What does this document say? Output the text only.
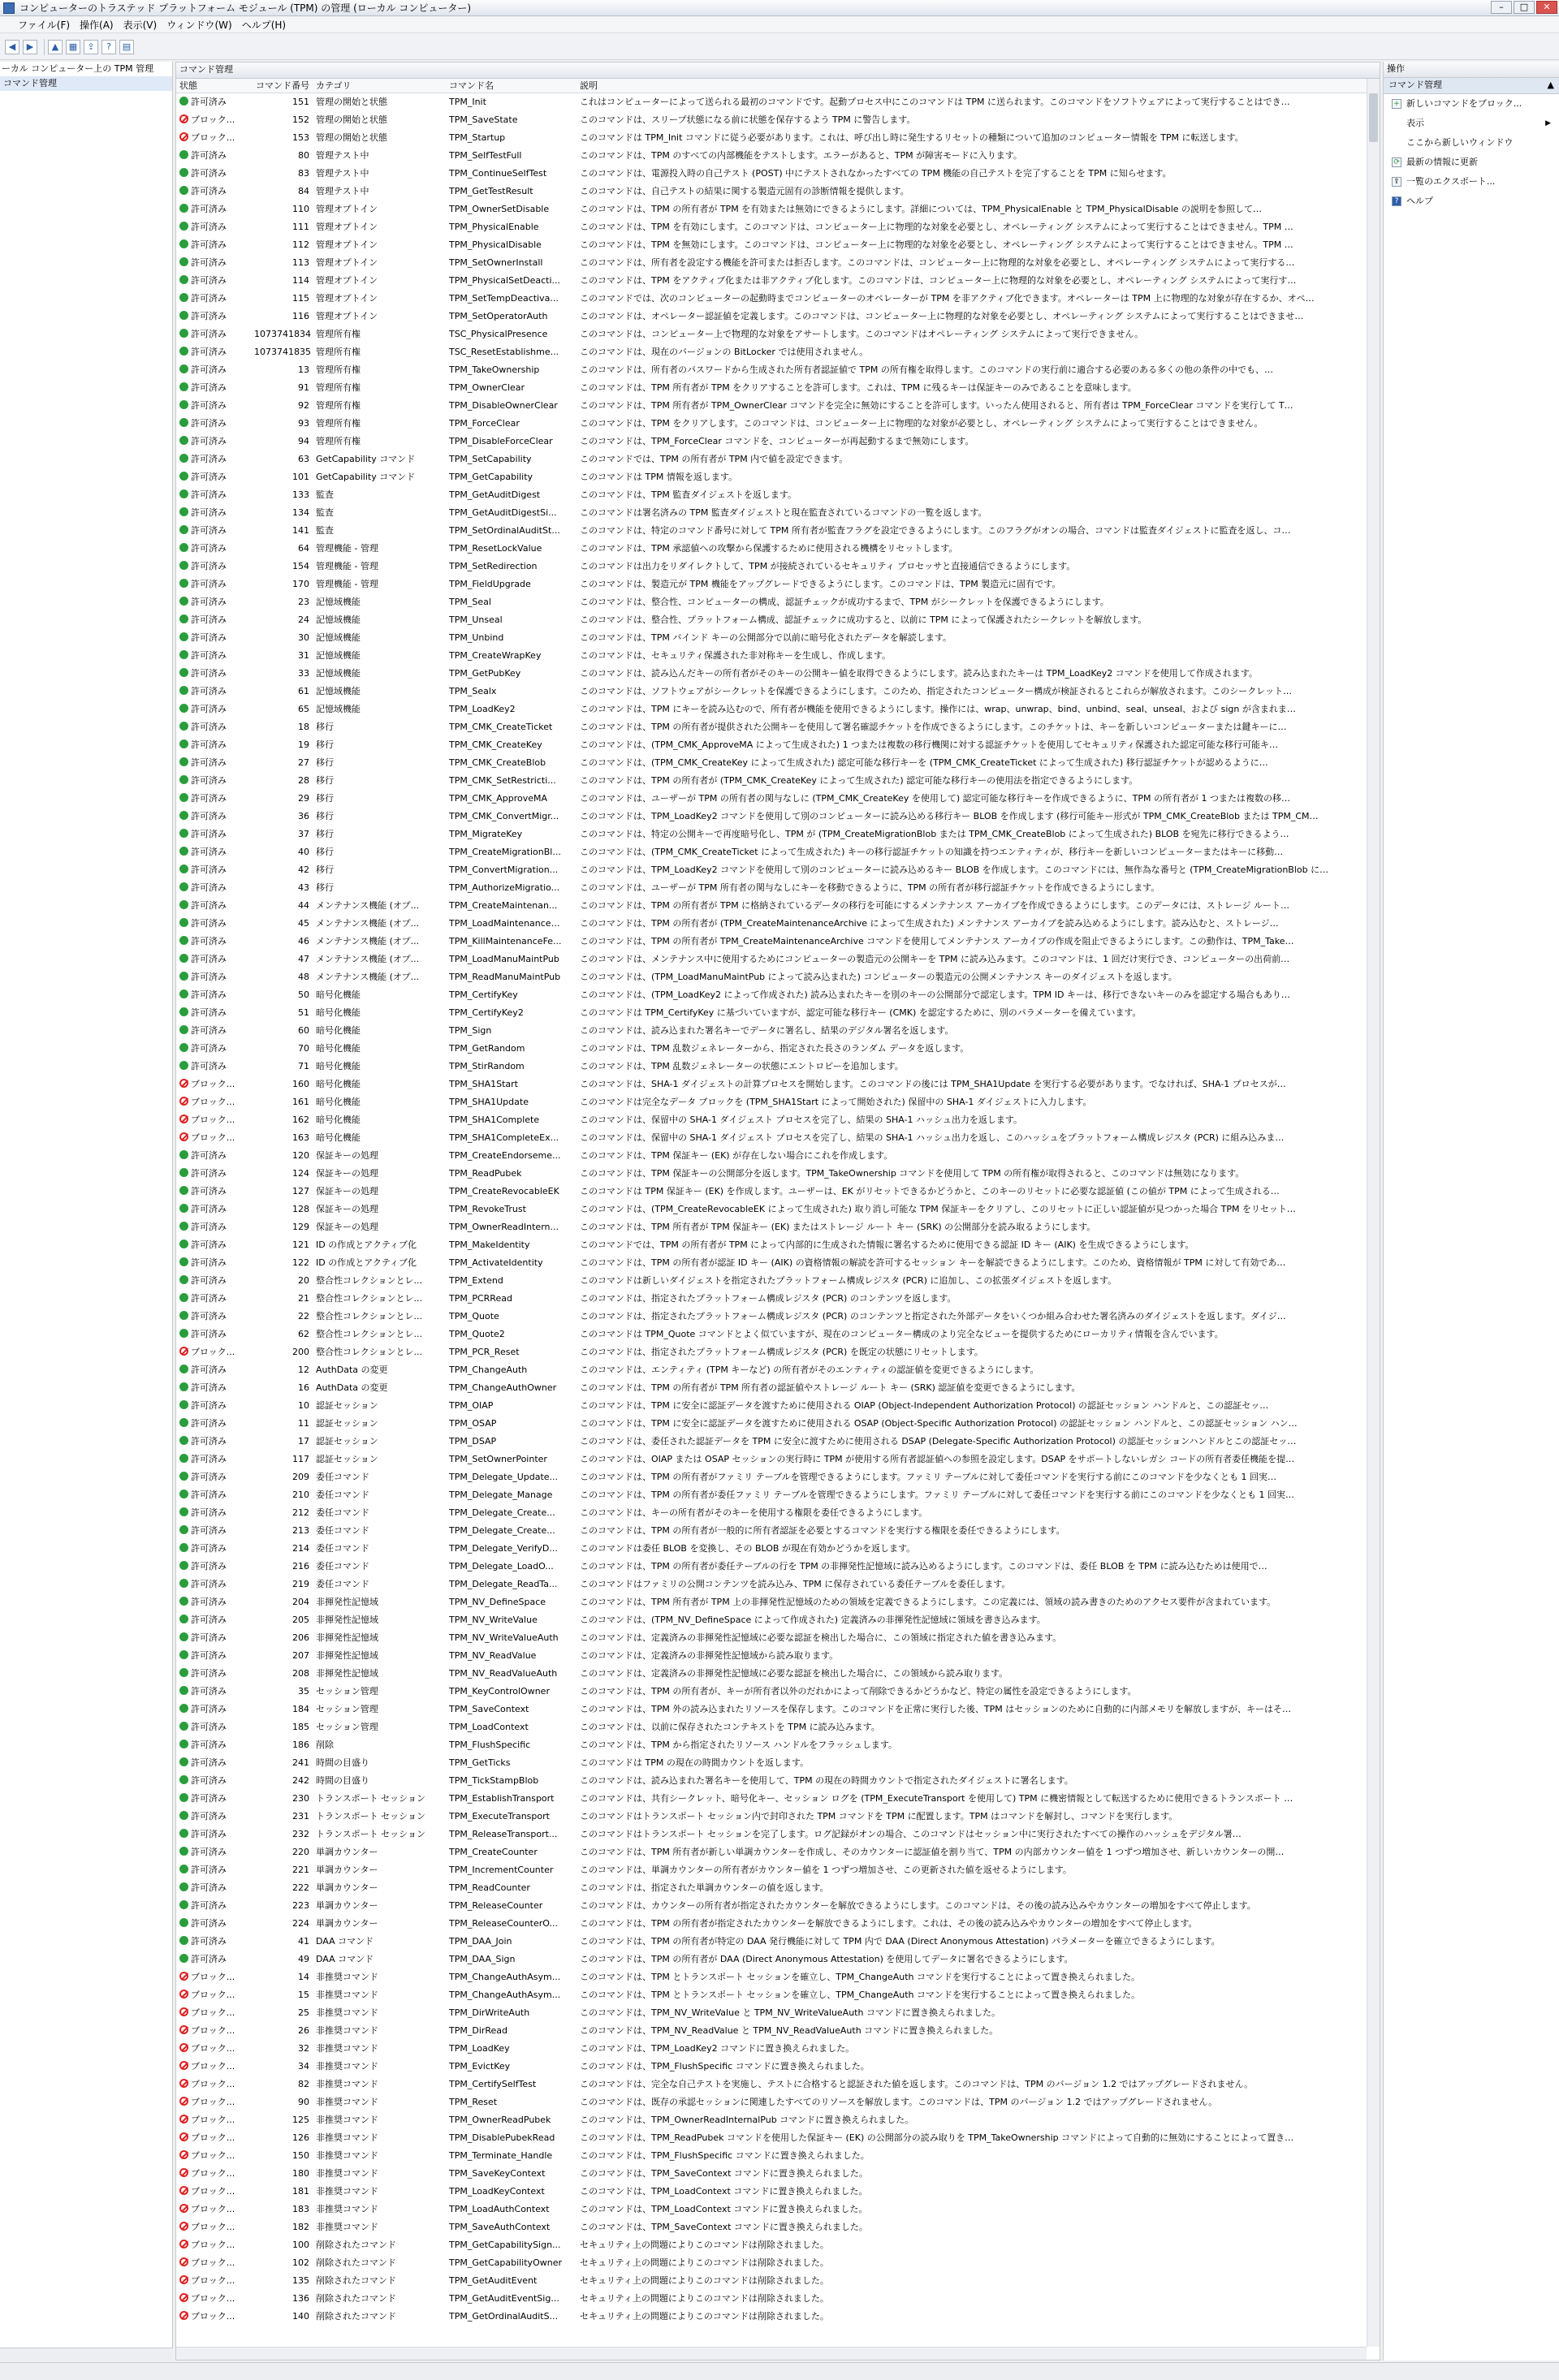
コンピューターのトラステッド プラットフォーム モジュール (TPM) の管理 (ローカル コンピューター)	–	□	✕
ファイル(F)	操作(A)	表示(V)	ウィンドウ(W)	ヘルプ(H)
◀	▶	▲	▦	⇪	?	▤
ーカル コンピューター上の TPM 管理
コマンド管理
コマンド管理
状態	コマンド番号 カテゴリ	コマンド名	説明
許可済み	151 管理の開始と状態	TPM_Init	これはコンピューターによって送られる最初のコマンドです。起動プロセス中にこのコマンドは TPM に送られます。このコマンドをソフトウェアによって実行することはでき…
ブロック...	152 管理の開始と状態	TPM_SaveState	このコマンドは、スリープ状態になる前に状態を保存するよう TPM に警告します。
ブロック...	153 管理の開始と状態	TPM_Startup	このコマンドは TPM_Init コマンドに従う必要があります。これは、呼び出し時に発生するリセットの種類について追加のコンピューター情報を TPM に転送します。
許可済み	80 管理テスト中	TPM_SelfTestFull	このコマンドは、TPM のすべての内部機能をテストします。エラーがあると、TPM が障害モードに入ります。
許可済み	83 管理テスト中	TPM_ContinueSelfTest	このコマンドは、電源投入時の自己テスト (POST) 中にテストされなかったすべての TPM 機能の自己テストを完了することを TPM に知らせます。
許可済み	84 管理テスト中	TPM_GetTestResult	このコマンドは、自己テストの結果に関する製造元固有の診断情報を提供します。
許可済み	110 管理オプトイン	TPM_OwnerSetDisable	このコマンドは、TPM の所有者が TPM を有効または無効にできるようにします。詳細については、TPM_PhysicalEnable と TPM_PhysicalDisable の説明を参照して…
許可済み	111 管理オプトイン	TPM_PhysicalEnable	このコマンドは、TPM を有効にします。このコマンドは、コンピューター上に物理的な対象を必要とし、オペレーティング システムによって実行することはできません。TPM …
許可済み	112 管理オプトイン	TPM_PhysicalDisable	このコマンドは、TPM を無効にします。このコマンドは、コンピューター上に物理的な対象を必要とし、オペレーティング システムによって実行することはできません。TPM …
許可済み	113 管理オプトイン	TPM_SetOwnerInstall	このコマンドは、所有者を設定する機能を許可または拒否します。このコマンドは、コンピューター上に物理的な対象を必要とし、オペレーティング システムによって実行する…
許可済み	114 管理オプトイン	TPM_PhysicalSetDeacti...	このコマンドは、TPM をアクティブ化または非アクティブ化します。このコマンドは、コンピューター上に物理的な対象を必要とし、オペレーティング システムによって実行す…
許可済み	115 管理オプトイン	TPM_SetTempDeactiva...	このコマンドでは、次のコンピューターの起動時までコンピューターのオペレーターが TPM を非アクティブ化できます。オペレーターは TPM 上に物理的な対象が存在するか、オペ…
許可済み	116 管理オプトイン	TPM_SetOperatorAuth	このコマンドは、オペレーター認証値を定義します。このコマンドは、コンピューター上に物理的な対象を必要とし、オペレーティング システムによって実行することはできませ…
許可済み	1073741834 管理所有権	TSC_PhysicalPresence	このコマンドは、コンピューター上で物理的な対象をアサートします。このコマンドはオペレーティング システムによって実行できません。
許可済み	1073741835 管理所有権	TSC_ResetEstablishme...	このコマンドは、現在のバージョンの BitLocker では使用されません。
許可済み	13 管理所有権	TPM_TakeOwnership	このコマンドは、所有者のパスワードから生成された所有者認証値で TPM の所有権を取得します。このコマンドの実行前に適合する必要のある多くの他の条件の中でも、…
許可済み	91 管理所有権	TPM_OwnerClear	このコマンドは、TPM 所有者が TPM をクリアすることを許可します。これは、TPM に残るキーは保証キーのみであることを意味します。
許可済み	92 管理所有権	TPM_DisableOwnerClear	このコマンドは、TPM 所有者が TPM_OwnerClear コマンドを完全に無効にすることを許可します。いったん使用されると、所有者は TPM_ForceClear コマンドを実行して T…
許可済み	93 管理所有権	TPM_ForceClear	このコマンドは、TPM をクリアします。このコマンドは、コンピューター上に物理的な対象が必要とし、オペレーティング システムによって実行することはできません。
許可済み	94 管理所有権	TPM_DisableForceClear	このコマンドは、TPM_ForceClear コマンドを、コンピューターが再起動するまで無効にします。
許可済み	63 GetCapability コマンド	TPM_SetCapability	このコマンドでは、TPM の所有者が TPM 内で値を設定できます。
許可済み	101 GetCapability コマンド	TPM_GetCapability	このコマンドは TPM 情報を返します。
許可済み	133 監査	TPM_GetAuditDigest	このコマンドは、TPM 監査ダイジェストを返します。
許可済み	134 監査	TPM_GetAuditDigestSi...	このコマンドは署名済みの TPM 監査ダイジェストと現在監査されているコマンドの一覧を返します。
許可済み	141 監査	TPM_SetOrdinalAuditSt...	このコマンドは、特定のコマンド番号に対して TPM 所有者が監査フラグを設定できるようにします。このフラグがオンの場合、コマンドは監査ダイジェストに監査を返し、コ…
許可済み	64 管理機能 - 管理	TPM_ResetLockValue	このコマンドは、TPM 承認値への攻撃から保護するために使用される機構をリセットします。
許可済み	154 管理機能 - 管理	TPM_SetRedirection	このコマンドは出力をリダイレクトして、TPM が接続されているセキュリティ プロセッサと直接通信できるようにします。
許可済み	170 管理機能 - 管理	TPM_FieldUpgrade	このコマンドは、製造元が TPM 機能をアップグレードできるようにします。このコマンドは、TPM 製造元に固有です。
許可済み	23 記憶域機能	TPM_Seal	このコマンドは、整合性、コンピューターの構成、認証チェックが成功するまで、TPM がシークレットを保護できるようにします。
許可済み	24 記憶域機能	TPM_Unseal	このコマンドは、整合性、プラットフォーム構成、認証チェックに成功すると、以前に TPM によって保護されたシークレットを解放します。
許可済み	30 記憶域機能	TPM_Unbind	このコマンドは、TPM バインド キーの公開部分で以前に暗号化されたデータを解読します。
許可済み	31 記憶域機能	TPM_CreateWrapKey	このコマンドは、セキュリティ保護された非対称キーを生成し、作成します。
許可済み	33 記憶域機能	TPM_GetPubKey	このコマンドは、読み込んだキーの所有者がそのキーの公開キー値を取得できるようにします。読み込まれたキーは TPM_LoadKey2 コマンドを使用して作成されます。
許可済み	61 記憶域機能	TPM_Sealx	このコマンドは、ソフトウェアがシークレットを保護できるようにします。このため、指定されたコンピューター構成が検証されるとこれらが解放されます。このシークレット…
許可済み	65 記憶域機能	TPM_LoadKey2	このコマンドは、TPM にキーを読み込むので、所有者が機能を使用できるようにします。操作には、wrap、unwrap、bind、unbind、seal、unseal、および sign が含まれま…
許可済み	18 移行	TPM_CMK_CreateTicket	このコマンドは、TPM の所有者が提供された公開キーを使用して署名確認チケットを作成できるようにします。このチケットは、キーを新しいコンピューターまたは鍵キーに…
許可済み	19 移行	TPM_CMK_CreateKey	このコマンドは、(TPM_CMK_ApproveMA によって生成された) 1 つまたは複数の移行機関に対する認証チケットを使用してセキュリティ保護された認定可能な移行可能キ…
許可済み	27 移行	TPM_CMK_CreateBlob	このコマンドは、(TPM_CMK_CreateKey によって生成された) 認定可能な移行キーを (TPM_CMK_CreateTicket によって生成された) 移行認証チケットが認めるように…
許可済み	28 移行	TPM_CMK_SetRestricti...	このコマンドは、TPM の所有者が (TPM_CMK_CreateKey によって生成された) 認定可能な移行キーの使用法を指定できるようにします。
許可済み	29 移行	TPM_CMK_ApproveMA	このコマンドは、ユーザーが TPM の所有者の関与なしに (TPM_CMK_CreateKey を使用して) 認定可能な移行キーを作成できるように、TPM の所有者が 1 つまたは複数の移…
許可済み	36 移行	TPM_CMK_ConvertMigr...	このコマンドは、TPM_LoadKey2 コマンドを使用して別のコンピューターに読み込める移行キー BLOB を作成します (移行可能キー形式が TPM_CMK_CreateBlob または TPM_CM…
許可済み	37 移行	TPM_MigrateKey	このコマンドは、特定の公開キーで再度暗号化し、TPM が (TPM_CreateMigrationBlob または TPM_CMK_CreateBlob によって生成された) BLOB を宛先に移行できるよう…
許可済み	40 移行	TPM_CreateMigrationBl...	このコマンドは、(TPM_CMK_CreateTicket によって生成された) キーの移行認証チケットの知識を持つエンティティが、移行キーを新しいコンピューターまたはキーに移動…
許可済み	42 移行	TPM_ConvertMigration...	このコマンドは、TPM_LoadKey2 コマンドを使用して別のコンピューターに読み込めるキー BLOB を作成します。このコマンドには、無作為な番号と (TPM_CreateMigrationBlob に…
許可済み	43 移行	TPM_AuthorizeMigratio...	このコマンドは、ユーザーが TPM 所有者の関与なしにキーを移動できるように、TPM の所有者が移行認証チケットを作成できるようにします。
許可済み	44 メンテナンス機能 (オプ...	TPM_CreateMaintenan...	このコマンドは、TPM の所有者が TPM に格納されているデータの移行を可能にするメンテナンス アーカイブを作成できるようにします。このデータには、ストレージ ルート…
許可済み	45 メンテナンス機能 (オプ...	TPM_LoadMaintenance…	このコマンドは、TPM の所有者が (TPM_CreateMaintenanceArchive によって生成された) メンテナンス アーカイブを読み込めるようにします。読み込むと、ストレージ…
許可済み	46 メンテナンス機能 (オプ...	TPM_KillMaintenanceFe...	このコマンドは、TPM の所有者が TPM_CreateMaintenanceArchive コマンドを使用してメンテナンス アーカイブの作成を阻止できるようにします。この動作は、TPM_Take…
許可済み	47 メンテナンス機能 (オプ...	TPM_LoadManuMaintPub	このコマンドは、メンテナンス中に使用するためにコンピューターの製造元の公開キーを TPM に読み込みます。このコマンドは、1 回だけ実行でき、コンピューターの出荷前…
許可済み	48 メンテナンス機能 (オプ...	TPM_ReadManuMaintPub	このコマンドは、(TPM_LoadManuMaintPub によって読み込まれた) コンピューターの製造元の公開メンテナンス キーのダイジェストを返します。
許可済み	50 暗号化機能	TPM_CertifyKey	このコマンドは、(TPM_LoadKey2 によって作成された) 読み込まれたキーを別のキーの公開部分で認定します。TPM ID キーは、移行できないキーのみを認定する場合もあり…
許可済み	51 暗号化機能	TPM_CertifyKey2	このコマンドは TPM_CertifyKey に基づいていますが、認定可能な移行キー (CMK) を認定するために、別のパラメーターを備えています。
許可済み	60 暗号化機能	TPM_Sign	このコマンドは、読み込まれた署名キーでデータに署名し、結果のデジタル署名を返します。
許可済み	70 暗号化機能	TPM_GetRandom	このコマンドは、TPM 乱数ジェネレーターから、指定された長さのランダム データを返します。
許可済み	71 暗号化機能	TPM_StirRandom	このコマンドは、TPM 乱数ジェネレーターの状態にエントロピーを追加します。
ブロック...	160 暗号化機能	TPM_SHA1Start	このコマンドは、SHA-1 ダイジェストの計算プロセスを開始します。このコマンドの後には TPM_SHA1Update を実行する必要があります。でなければ、SHA-1 プロセスが…
ブロック...	161 暗号化機能	TPM_SHA1Update	このコマンドは完全なデータ ブロックを (TPM_SHA1Start によって開始された) 保留中の SHA-1 ダイジェストに入力します。
ブロック...	162 暗号化機能	TPM_SHA1Complete	このコマンドは、保留中の SHA-1 ダイジェスト プロセスを完了し、結果の SHA-1 ハッシュ出力を返します。
ブロック...	163 暗号化機能	TPM_SHA1CompleteEx...	このコマンドは、保留中の SHA-1 ダイジェスト プロセスを完了し、結果の SHA-1 ハッシュ出力を返し、このハッシュをプラットフォーム構成レジスタ (PCR) に組み込みま…
許可済み	120 保証キーの処理	TPM_CreateEndorseme...	このコマンドは、TPM 保証キー (EK) が存在しない場合にこれを作成します。
許可済み	124 保証キーの処理	TPM_ReadPubek	このコマンドは、TPM 保証キーの公開部分を返します。TPM_TakeOwnership コマンドを使用して TPM の所有権が取得されると、このコマンドは無効になります。
許可済み	127 保証キーの処理	TPM_CreateRevocableEK	このコマンドは TPM 保証キー (EK) を作成します。ユーザーは、EK がリセットできるかどうかと、このキーのリセットに必要な認証値 (この値が TPM によって生成される…
許可済み	128 保証キーの処理	TPM_RevokeTrust	このコマンドは、(TPM_CreateRevocableEK によって生成された) 取り消し可能な TPM 保証キーをクリアし、このリセットに正しい認証値が見つかった場合 TPM をリセット…
許可済み	129 保証キーの処理	TPM_OwnerReadIntern...	このコマンドは、TPM 所有者が TPM 保証キー (EK) またはストレージ ルート キー (SRK) の公開部分を読み取るようにします。
許可済み	121 ID の作成とアクティブ化	TPM_MakeIdentity	このコマンドでは、TPM の所有者が TPM によって内部的に生成された情報に署名するために使用できる認証 ID キー (AIK) を生成できるようにします。
許可済み	122 ID の作成とアクティブ化	TPM_ActivateIdentity	このコマンドは、TPM の所有者が認証 ID キー (AIK) の資格情報の解読を許可するセッション キーを解読できるようにします。このため、資格情報が TPM に対して有効であ…
許可済み	20 整合性コレクションとレ...	TPM_Extend	このコマンドは新しいダイジェストを指定されたプラットフォーム構成レジスタ (PCR) に追加し、この拡張ダイジェストを返します。
許可済み	21 整合性コレクションとレ...	TPM_PCRRead	このコマンドは、指定されたプラットフォーム構成レジスタ (PCR) のコンテンツを返します。
許可済み	22 整合性コレクションとレ...	TPM_Quote	このコマンドは、指定されたプラットフォーム構成レジスタ (PCR) のコンテンツと指定された外部データをいくつか組み合わせた署名済みのダイジェストを返します。ダイジ…
許可済み	62 整合性コレクションとレ...	TPM_Quote2	このコマンドは TPM_Quote コマンドとよく似ていますが、現在のコンピューター構成のより完全なビューを提供するためにローカリティ情報を含んでいます。
ブロック...	200 整合性コレクションとレ...	TPM_PCR_Reset	このコマンドは、指定されたプラットフォーム構成レジスタ (PCR) を既定の状態にリセットします。
許可済み	12 AuthData の変更	TPM_ChangeAuth	このコマンドは、エンティティ (TPM キーなど) の所有者がそのエンティティの認証値を変更できるようにします。
許可済み	16 AuthData の変更	TPM_ChangeAuthOwner	このコマンドは、TPM の所有者が TPM 所有者の認証値やストレージ ルート キー (SRK) 認証値を変更できるようにします。
許可済み	10 認証セッション	TPM_OIAP	このコマンドは、TPM に安全に認証データを渡すために使用される OIAP (Object-Independent Authorization Protocol) の認証セッション ハンドルと、この認証セッ…
許可済み	11 認証セッション	TPM_OSAP	このコマンドは、TPM に安全に認証データを渡すために使用される OSAP (Object-Specific Authorization Protocol) の認証セッション ハンドルと、この認証セッション ハン…
許可済み	17 認証セッション	TPM_DSAP	このコマンドは、委任された認証データを TPM に安全に渡すために使用される DSAP (Delegate-Specific Authorization Protocol) の認証セッションハンドルとこの認証セッ…
許可済み	117 認証セッション	TPM_SetOwnerPointer	このコマンドは、OIAP または OSAP セッションの実行時に TPM が使用する所有者認証値への参照を設定します。DSAP をサポートしないレガシ コードの所有者委任機能を提…
許可済み	209 委任コマンド	TPM_Delegate_Update...	このコマンドは、TPM の所有者がファミリ テーブルを管理できるようにします。ファミリ テーブルに対して委任コマンドを実行する前にこのコマンドを少なくとも 1 回実…
許可済み	210 委任コマンド	TPM_Delegate_Manage	このコマンドは、TPM の所有者が委任ファミリ テーブルを管理できるようにします。ファミリ テーブルに対して委任コマンドを実行する前にこのコマンドを少なくとも 1 回実…
許可済み	212 委任コマンド	TPM_Delegate_Create...	このコマンドは、キーの所有者がそのキーを使用する権限を委任できるようにします。
許可済み	213 委任コマンド	TPM_Delegate_Create...	このコマンドは、TPM の所有者が一般的に所有者認証を必要とするコマンドを実行する権限を委任できるようにします。
許可済み	214 委任コマンド	TPM_Delegate_VerifyD...	このコマンドは委任 BLOB を変換し、その BLOB が現在有効かどうかを返します。
許可済み	216 委任コマンド	TPM_Delegate_LoadO...	このコマンドは、TPM の所有者が委任テーブルの行を TPM の非揮発性記憶域に読み込めるようにします。このコマンドは、委任 BLOB を TPM に読み込むためは使用で…
許可済み	219 委任コマンド	TPM_Delegate_ReadTa...	このコマンドはファミリの公開コンテンツを読み込み、TPM に保存されている委任テーブルを委任します。
許可済み	204 非揮発性記憶域	TPM_NV_DefineSpace	このコマンドは、TPM 所有者が TPM 上の非揮発性記憶域のための領域を定義できるようにします。この定義には、領域の読み書きのためのアクセス要件が含まれています。
許可済み	205 非揮発性記憶域	TPM_NV_WriteValue	このコマンドは、(TPM_NV_DefineSpace によって作成された) 定義済みの非揮発性記憶域に領域を書き込みます。
許可済み	206 非揮発性記憶域	TPM_NV_WriteValueAuth	このコマンドは、定義済みの非揮発性記憶域に必要な認証を検出した場合に、この領域に指定された値を書き込みます。
許可済み	207 非揮発性記憶域	TPM_NV_ReadValue	このコマンドは、定義済みの非揮発性記憶域から読み取ります。
許可済み	208 非揮発性記憶域	TPM_NV_ReadValueAuth	このコマンドは、定義済みの非揮発性記憶域に必要な認証を検出した場合に、この領域から読み取ります。
許可済み	35 セッション管理	TPM_KeyControlOwner	このコマンドは、TPM の所有者が、キーが所有者以外のだれかによって削除できるかどうかなど、特定の属性を設定できるようにします。
許可済み	184 セッション管理	TPM_SaveContext	このコマンドは、TPM 外の読み込まれたリソースを保存します。このコマンドを正常に実行した後、TPM はセッションのために自動的に内部メモリを解放しますが、キーはそ…
許可済み	185 セッション管理	TPM_LoadContext	このコマンドは、以前に保存されたコンテキストを TPM に読み込みます。
許可済み	186 削除	TPM_FlushSpecific	このコマンドは、TPM から指定されたリソース ハンドルをフラッシュします。
許可済み	241 時間の目盛り	TPM_GetTicks	このコマンドは TPM の現在の時間カウントを返します。
許可済み	242 時間の目盛り	TPM_TickStampBlob	このコマンドは、読み込まれた署名キーを使用して、TPM の現在の時間カウントで指定されたダイジェストに署名します。
許可済み	230 トランスポート セッション	TPM_EstablishTransport	このコマンドは、共有シークレット、暗号化キー、セッション ログを (TPM_ExecuteTransport を使用して) TPM に機密情報として転送するために使用できるトランスポート …
許可済み	231 トランスポート セッション	TPM_ExecuteTransport	このコマンドはトランスポート セッション内で封印された TPM コマンドを TPM に配置します。TPM はコマンドを解封し、コマンドを実行します。
許可済み	232 トランスポート セッション	TPM_ReleaseTransport...	このコマンドはトランスポート セッションを完了します。ログ記録がオンの場合、このコマンドはセッション中に実行されたすべての操作のハッシュをデジタル署…
許可済み	220 単調カウンター	TPM_CreateCounter	このコマンドは、TPM 所有者が新しい単調カウンターを作成し、そのカウンターに認証値を割り当て、TPM の内部カウンター値を 1 つずつ増加させ、新しいカウンターの開…
許可済み	221 単調カウンター	TPM_IncrementCounter	このコマンドは、単調カウンターの所有者がカウンター値を 1 つずつ増加させ、この更新された値を返せるようにします。
許可済み	222 単調カウンター	TPM_ReadCounter	このコマンドは、指定された単調カウンターの値を返します。
許可済み	223 単調カウンター	TPM_ReleaseCounter	このコマンドは、カウンターの所有者が指定されたカウンターを解放できるようにします。このコマンドは、その後の読み込みやカウンターの増加をすべて停止します。
許可済み	224 単調カウンター	TPM_ReleaseCounterO...	このコマンドは、TPM の所有者が指定されたカウンターを解放できるようにします。これは、その後の読み込みやカウンターの増加をすべて停止します。
許可済み	41 DAA コマンド	TPM_DAA_Join	このコマンドは、TPM の所有者が特定の DAA 発行機能に対して TPM 内で DAA (Direct Anonymous Attestation) パラメーターを確立できるようにします。
許可済み	49 DAA コマンド	TPM_DAA_Sign	このコマンドは、TPM の所有者が DAA (Direct Anonymous Attestation) を使用してデータに署名できるようにします。
ブロック...	14 非推奨コマンド	TPM_ChangeAuthAsym...	このコマンドは、TPM とトランスポート セッションを確立し、TPM_ChangeAuth コマンドを実行することによって置き換えられました。
ブロック...	15 非推奨コマンド	TPM_ChangeAuthAsym...	このコマンドは、TPM とトランスポート セッションを確立し、TPM_ChangeAuth コマンドを実行することによって置き換えられました。
ブロック...	25 非推奨コマンド	TPM_DirWriteAuth	このコマンドは、TPM_NV_WriteValue と TPM_NV_WriteValueAuth コマンドに置き換えられました。
ブロック...	26 非推奨コマンド	TPM_DirRead	このコマンドは、TPM_NV_ReadValue と TPM_NV_ReadValueAuth コマンドに置き換えられました。
ブロック...	32 非推奨コマンド	TPM_LoadKey	このコマンドは、TPM_LoadKey2 コマンドに置き換えられました。
ブロック...	34 非推奨コマンド	TPM_EvictKey	このコマンドは、TPM_FlushSpecific コマンドに置き換えられました。
ブロック...	82 非推奨コマンド	TPM_CertifySelfTest	このコマンドは、完全な自己テストを実施し、テストに合格すると認証された値を返します。このコマンドは、TPM のバージョン 1.2 ではアップグレードされません。
ブロック...	90 非推奨コマンド	TPM_Reset	このコマンドは、既存の承認セッションに関連したすべてのリソースを解放します。このコマンドは、TPM のバージョン 1.2 ではアップグレードされません。
ブロック...	125 非推奨コマンド	TPM_OwnerReadPubek	このコマンドは、TPM_OwnerReadInternalPub コマンドに置き換えられました。
ブロック...	126 非推奨コマンド	TPM_DisablePubekRead	このコマンドは、TPM_ReadPubek コマンドを使用した保証キー (EK) の公開部分の読み取りを TPM_TakeOwnership コマンドによって自動的に無効にすることによって置き…
ブロック...	150 非推奨コマンド	TPM_Terminate_Handle	このコマンドは、TPM_FlushSpecific コマンドに置き換えられました。
ブロック...	180 非推奨コマンド	TPM_SaveKeyContext	このコマンドは、TPM_SaveContext コマンドに置き換えられました。
ブロック...	181 非推奨コマンド	TPM_LoadKeyContext	このコマンドは、TPM_LoadContext コマンドに置き換えられました。
ブロック...	183 非推奨コマンド	TPM_LoadAuthContext	このコマンドは、TPM_LoadContext コマンドに置き換えられました。
ブロック...	182 非推奨コマンド	TPM_SaveAuthContext	このコマンドは、TPM_SaveContext コマンドに置き換えられました。
ブロック...	100 削除されたコマンド	TPM_GetCapabilitySign...	セキュリティ上の問題によりこのコマンドは削除されました。
ブロック...	102 削除されたコマンド	TPM_GetCapabilityOwner	セキュリティ上の問題によりこのコマンドは削除されました。
ブロック...	135 削除されたコマンド	TPM_GetAuditEvent	セキュリティ上の問題によりこのコマンドは削除されました。
ブロック...	136 削除されたコマンド	TPM_GetAuditEventSig...	セキュリティ上の問題によりこのコマンドは削除されました。
ブロック...	140 削除されたコマンド	TPM_GetOrdinalAuditS...	セキュリティ上の問題によりこのコマンドは削除されました。
操作
コマンド管理	▲
+ 新しいコマンドをブロック...
表示	▶
ここから新しいウィンドウ
⟳ 最新の情報に更新
⇪ 一覧のエクスポート...
? ヘルプ
